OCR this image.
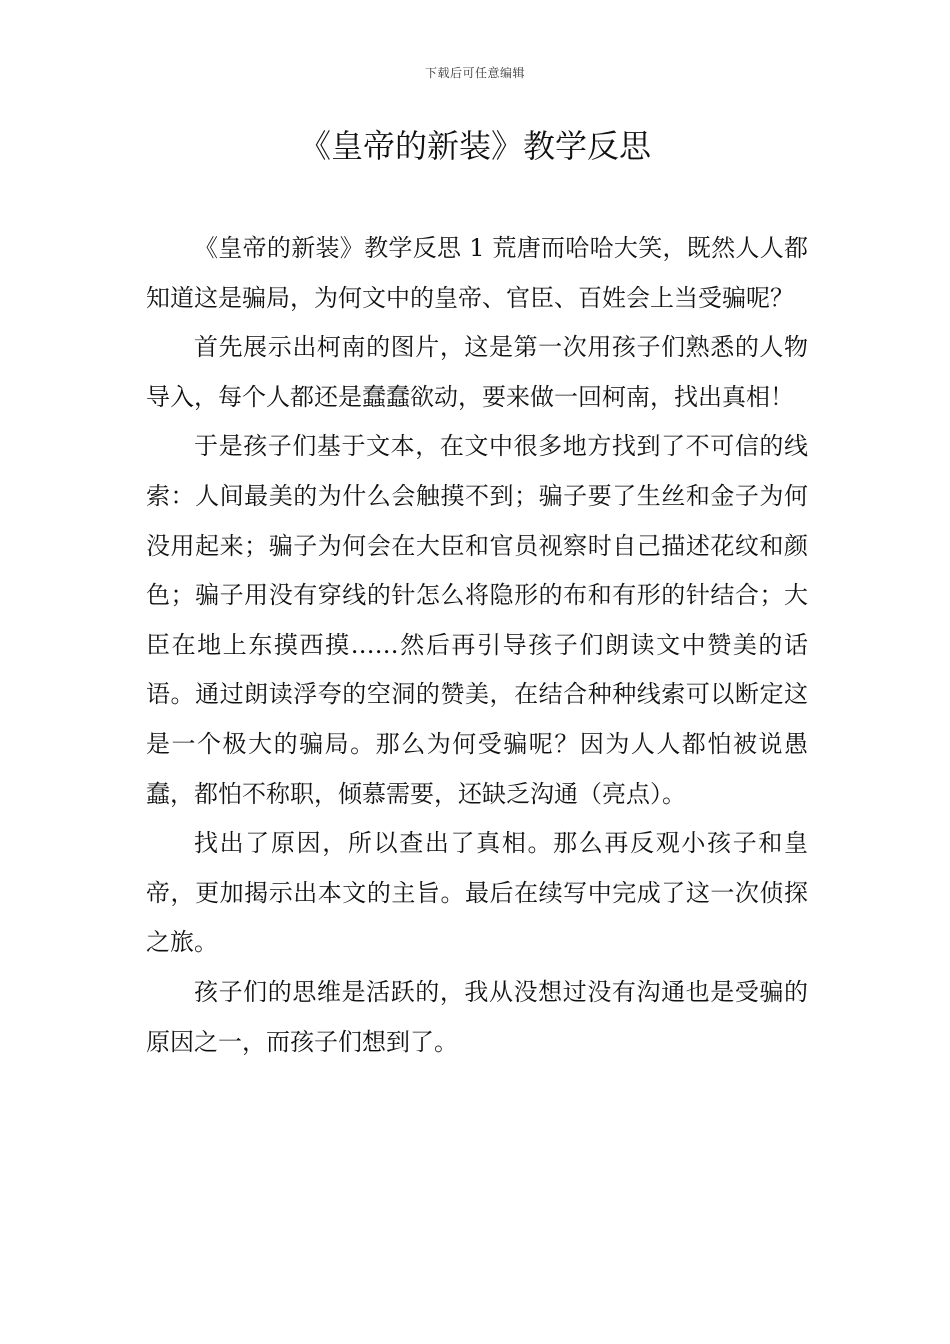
下载后可任意编辑
《皇帝的新装》教学反思

《皇帝的新装》教学反思 1 荒唐而哈哈大笑，既然人人都知道这是骗局，为何文中的皇帝、官臣、百姓会上当受骗呢？

首先展示出柯南的图片，这是第一次用孩子们熟悉的人物导入，每个人都还是蠢蠢欲动，要来做一回柯南，找出真相！

于是孩子们基于文本，在文中很多地方找到了不可信的线索：人间最美的为什么会触摸不到；骗子要了生丝和金子为何没用起来；骗子为何会在大臣和官员视察时自己描述花纹和颜色；骗子用没有穿线的针怎么将隐形的布和有形的针结合；大臣在地上东摸西摸……然后再引导孩子们朗读文中赞美的话语。通过朗读浮夸的空洞的赞美，在结合种种线索可以断定这是一个极大的骗局。那么为何受骗呢？因为人人都怕被说愚蠢，都怕不称职，倾慕需要，还缺乏沟通（亮点）。

找出了原因，所以查出了真相。那么再反观小孩子和皇帝，更加揭示出本文的主旨。最后在续写中完成了这一次侦探之旅。

孩子们的思维是活跃的，我从没想过没有沟通也是受骗的原因之一，而孩子们想到了。
